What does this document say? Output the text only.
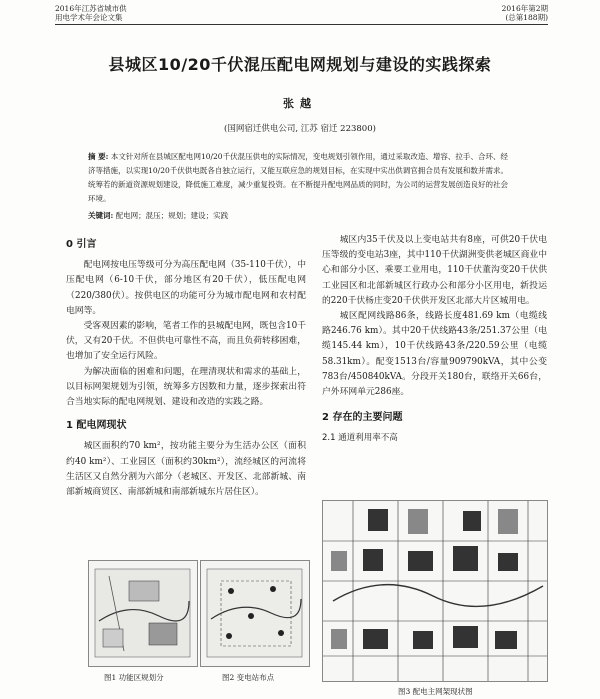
2016年江苏省城市供
用电学术年会论文集
2016年第2期
(总第188期)
县城区10/20千伏混压配电网规划与建设的实践探索
张越
(国网宿迁供电公司, 江苏 宿迁 223800)
摘 要: 本文针对所在县城区配电网10/20千伏混压供电的实际情况，变电规划引领作用，通过采取改造、增容、拉手、合环、经济等措施，以实现10/20千伏供电既各自独立运行，又能互联应急的规划目标，在实现中实出供调官拥合员有发展和数并需求。统筹若的新道资源规划建设，降低施工难度，减少重复投资。在不断提升配电网品质的同时，为公司的运营发展创造良好的社会环境。
关键词: 配电网；混压；规划；建设；实践
0 引言

配电网按电压等级可分为高压配电网（35-110千伏），中压配电网（6-10千伏，部分地区有20千伏），低压配电网（220/380伏）。按供电区的功能可分为城市配电网和农村配电网等。

受客观因素的影响，笔者工作的县城配电网，既包含10千伏，又有20千伏。不但供电可靠性不高，而且负荷转移困难，也增加了安全运行风险。

为解决面临的困难和问题，在理清现状和需求的基础上，以目标网架规划为引领，统筹多方因数和力量，逐步探索出符合当地实际的配电网规划、建设和改造的实践之路。

1 配电网现状

城区面积约70 km²，按功能主要分为生活办公区（面积约40 km²）、工业园区（面积约30km²），流经城区的河流将生活区又自然分割为六部分（老城区、开发区、北部新城、南部新城商贸区、南部新城和南部新城东片居住区）。

城区内35千伏及以上变电站共有8座，可供20千伏电压等级的变电站3座，其中110千伏湖洲变供老城区商业中心和部分小区、乘要工业用电，110千伏董沟变20千伏供工业园区和北部新城区行政办公和部分小区用电，新投运的220千伏杨庄变20千伏供开发区北部大片区城用电。

城区配网线路86条，线路长度481.69 km（电缆线路246.76 km）。其中20千伏线路43条/251.37公里（电缆145.44 km），10千伏线路43条/220.59公里（电缆58.31km）。配变1513台/容量909790kVA，其中公变783台/450840kVA。分段开关180台，联络开关66台，户外环网单元286座。

2 存在的主要问题
2.1 通道利用率不高
图1 功能区规划分	图2 变电站布点
图3 配电主网架现状图
